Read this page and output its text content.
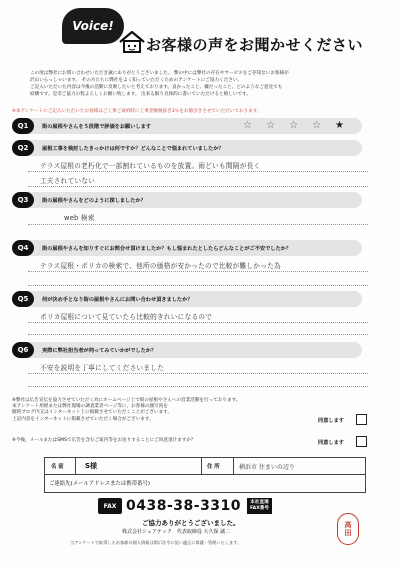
Voice!
お客様の声をお聞かせください

この度は弊社にお問い合わせいただき誠にありがとうございました。 弊の中には弊社の存在やサービスをご存知ないお客様が

沢山いらっしゃいます。 その方たちに弊社をよく知っていただくためのアンケートにご協力ください。

ご記入いただいた内容は今後の活動に反映したいと考えております。良かったこと、嫌だったこと、どのようなご意見でも

結構です。是非ご協力の程よろしくお願い致します。 出来る限り具体的に書いていただけると嬉しいです。

※本アンケートにご記入いただいたお客様はご工事ご成約時に工事金額税抜き3％をお値引きさせていただいております。
Q1	街の屋根やさんを５段階で評価をお願いします	☆ ☆ ☆ ☆ ★
Q2	屋根工事を検討したきっかけは何ですか？どんなことで悩まれていましたか？
テラス屋根の老朽化で一部割れているものを放置。雨どいも間隔が長く
工夫されていない
Q3	街の屋根やさんをどのように探しましたか？
web 検索
Q4	街の屋根やさんを知りすぐにお問合せ頂けましたか？もし悩まれたとしたらどんなことがご不安でしたか？
テラス屋根・ポリカの検索で、他所の価格が安かったので比較が難しかった為
Q5	何が決め手となり街の屋根やさんにお問い合わせ頂きましたか？
ポリカ屋根について見ていたら比較的きれいになるので
Q6	実際に弊社担当者が伺ってみていかがでしたか？
不安を説明を丁寧にしてくださいました
※弊社は広告宣伝を協力させていただく為にホームページ上で街の屋根やさんへの営業活動を行っております。
本アンケート用紙または弊社現場の調査業者ページ等に、お客様の顔写真を
随時ブログ内又はインターネット上に掲載させていただくことがございます。
上記内容をインターネットに掲載させていただく場合がございます。	同意します
※今後、メールまたはSMSで広告を含むご案内等をお送りすることにご同意頂けますか？	同意します
名 前	S様	住 所	横浜市 住まいの辺り
ご連絡先(メールアドレスまたは携帯番号)
FAX 0438-38-3310 本社直通
FAX番号
ご協力ありがとうございました。
株式会社シェアテック　代表取締役 大久保 誠二
当アンケートで取得したお客様の個人情報は開示法令に従い適正に保護・管理いたします。
高
田
